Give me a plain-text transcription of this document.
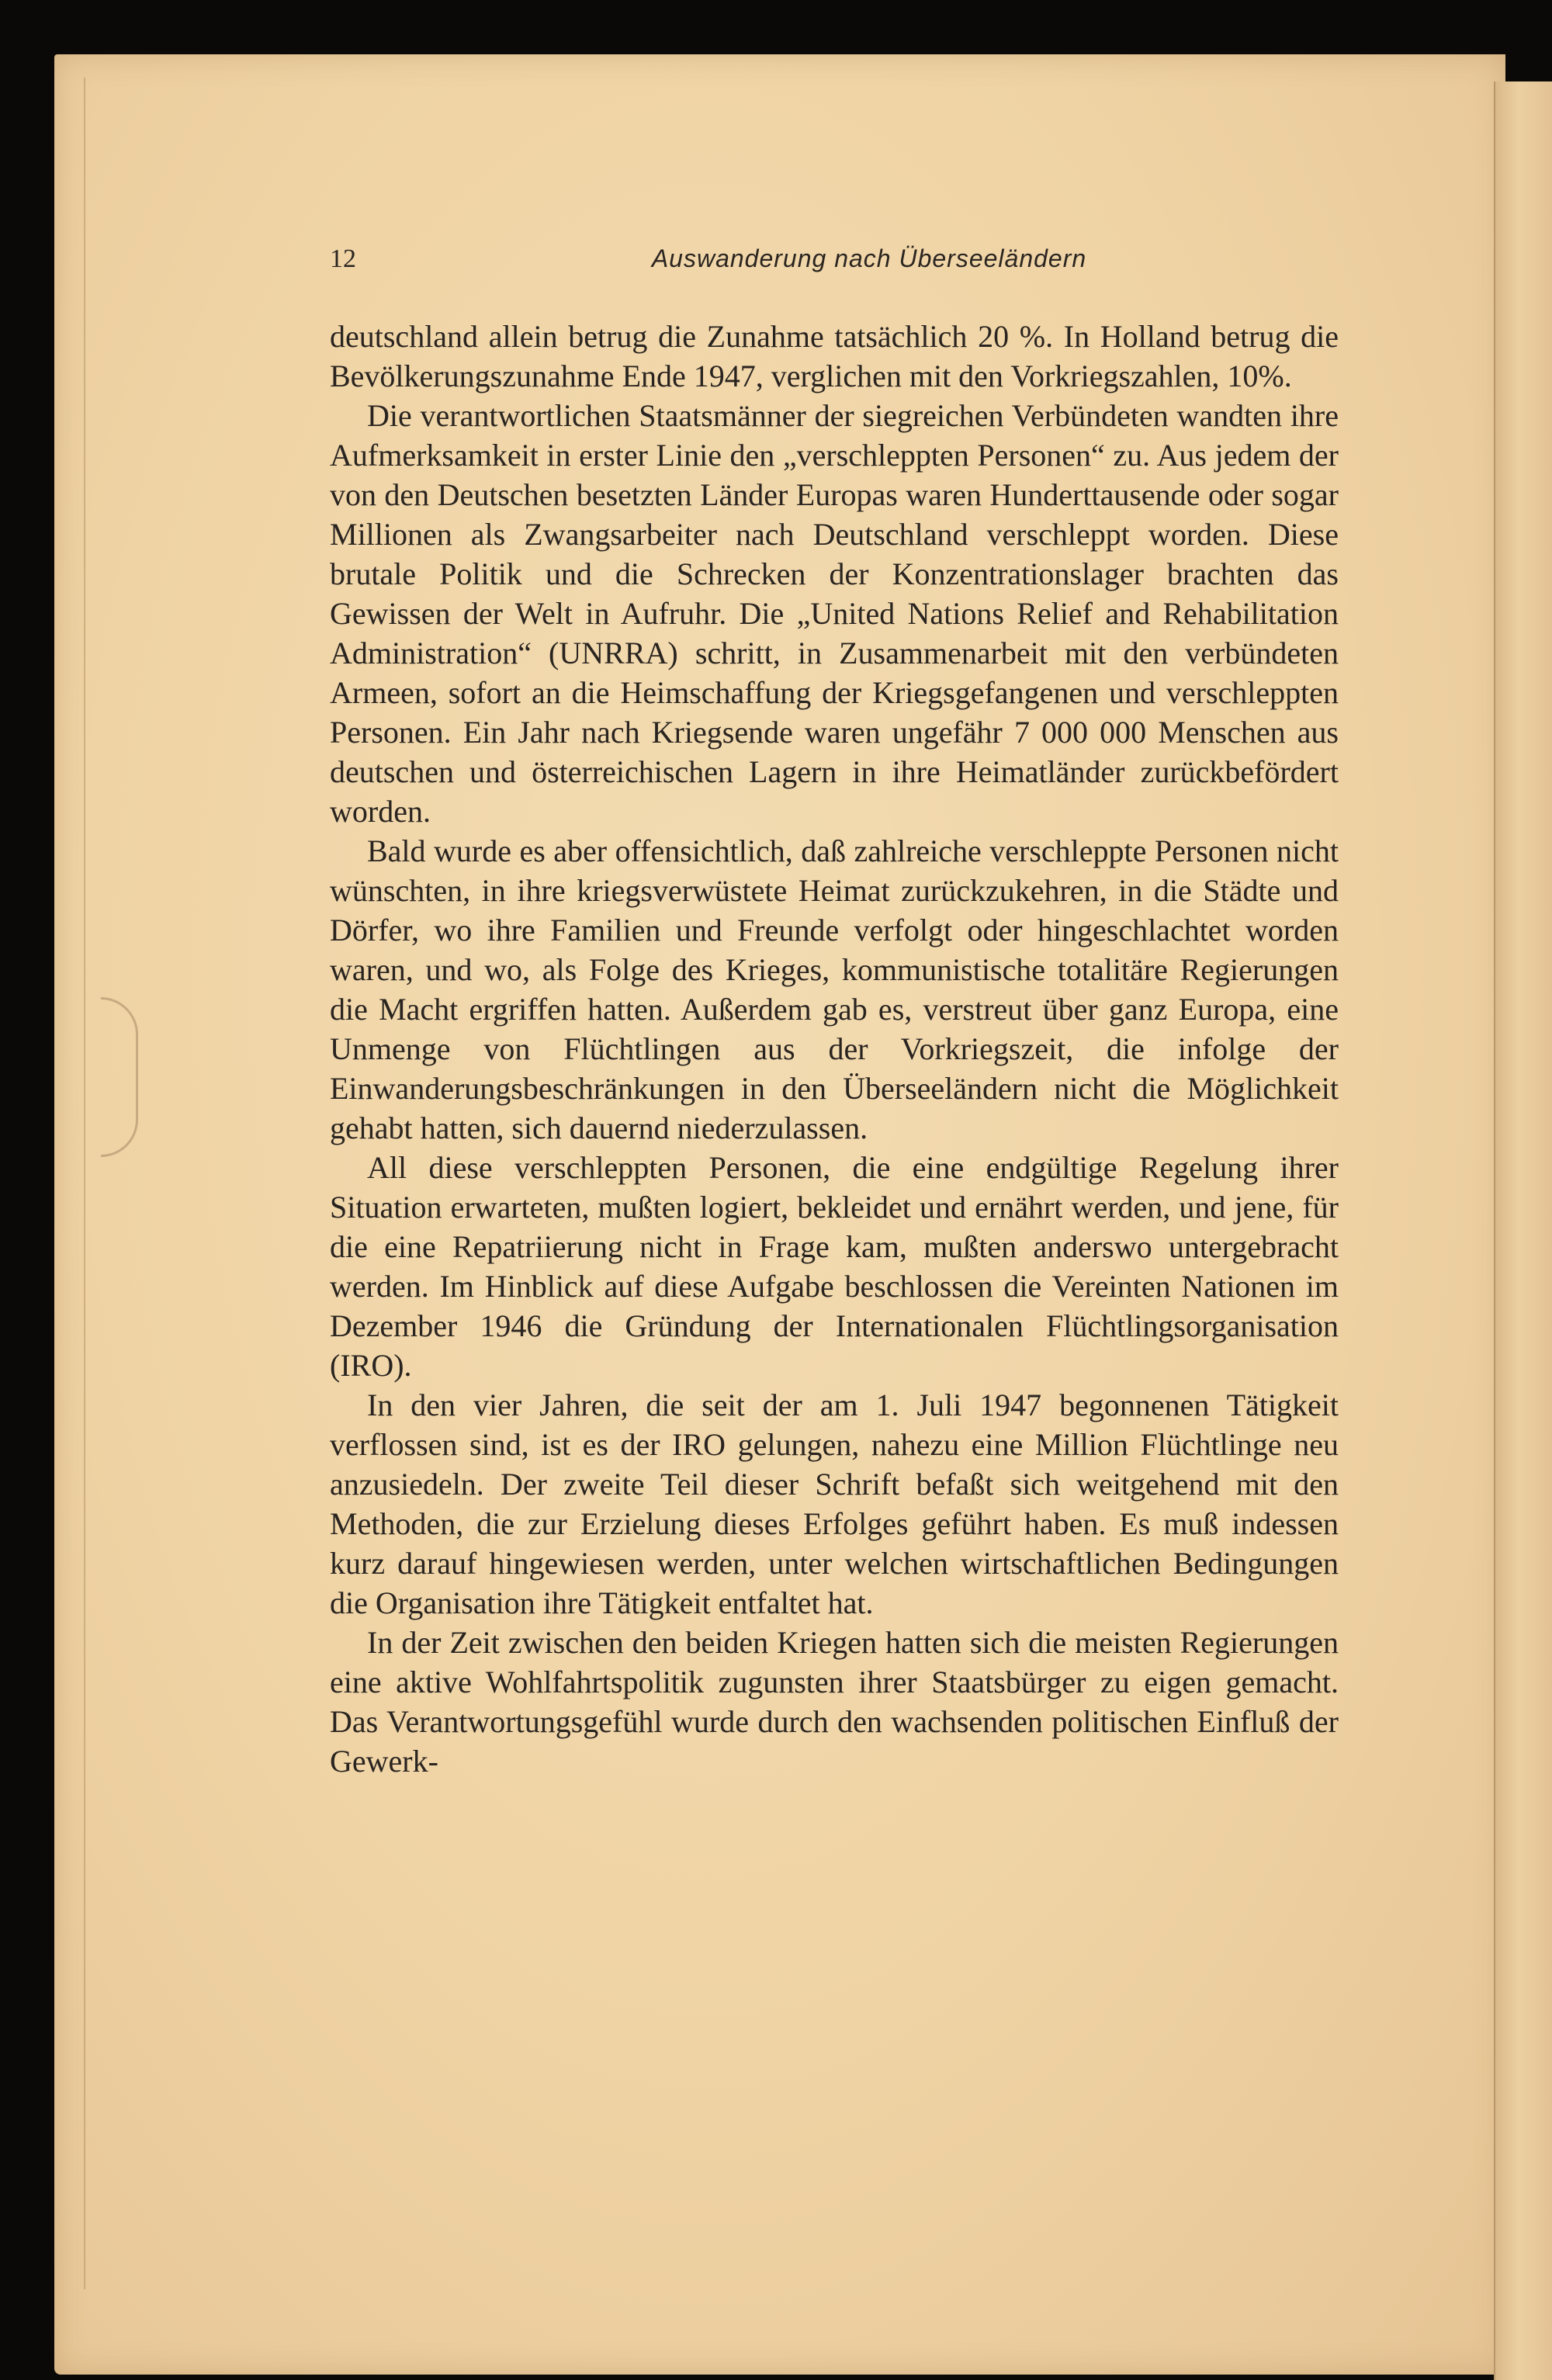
12	Auswanderung nach Überseeländern

deutschland allein betrug die Zunahme tatsächlich 20 %. In Holland betrug die Bevölkerungszunahme Ende 1947, verglichen mit den Vorkriegszahlen, 10%.

Die verantwortlichen Staatsmänner der siegreichen Verbündeten wandten ihre Aufmerksamkeit in erster Linie den „verschleppten Personen“ zu. Aus jedem der von den Deutschen besetzten Länder Europas waren Hunderttausende oder sogar Millionen als Zwangsarbeiter nach Deutschland verschleppt worden. Diese brutale Politik und die Schrecken der Konzentrationslager brachten das Gewissen der Welt in Aufruhr. Die „United Nations Relief and Rehabilitation Administration“ (UNRRA) schritt, in Zusammenarbeit mit den verbündeten Armeen, sofort an die Heimschaffung der Kriegsgefangenen und verschleppten Personen. Ein Jahr nach Kriegsende waren ungefähr 7 000 000 Menschen aus deutschen und österreichischen Lagern in ihre Heimatländer zurückbefördert worden.

Bald wurde es aber offensichtlich, daß zahlreiche verschleppte Personen nicht wünschten, in ihre kriegsverwüstete Heimat zurückzukehren, in die Städte und Dörfer, wo ihre Familien und Freunde verfolgt oder hingeschlachtet worden waren, und wo, als Folge des Krieges, kommunistische totalitäre Regierungen die Macht ergriffen hatten. Außerdem gab es, verstreut über ganz Europa, eine Unmenge von Flüchtlingen aus der Vorkriegszeit, die infolge der Einwanderungsbeschränkungen in den Überseeländern nicht die Möglichkeit gehabt hatten, sich dauernd niederzulassen.

All diese verschleppten Personen, die eine endgültige Regelung ihrer Situation erwarteten, mußten logiert, bekleidet und ernährt werden, und jene, für die eine Repatriierung nicht in Frage kam, mußten anderswo untergebracht werden. Im Hinblick auf diese Aufgabe beschlossen die Vereinten Nationen im Dezember 1946 die Gründung der Internationalen Flüchtlingsorganisation (IRO).

In den vier Jahren, die seit der am 1. Juli 1947 begonnenen Tätigkeit verflossen sind, ist es der IRO gelungen, nahezu eine Million Flüchtlinge neu anzusiedeln. Der zweite Teil dieser Schrift befaßt sich weitgehend mit den Methoden, die zur Erzielung dieses Erfolges geführt haben. Es muß indessen kurz darauf hingewiesen werden, unter welchen wirtschaftlichen Bedingungen die Organisation ihre Tätigkeit entfaltet hat.

In der Zeit zwischen den beiden Kriegen hatten sich die meisten Regierungen eine aktive Wohlfahrtspolitik zugunsten ihrer Staatsbürger zu eigen gemacht. Das Verantwortungsgefühl wurde durch den wachsenden politischen Einfluß der Gewerk-
